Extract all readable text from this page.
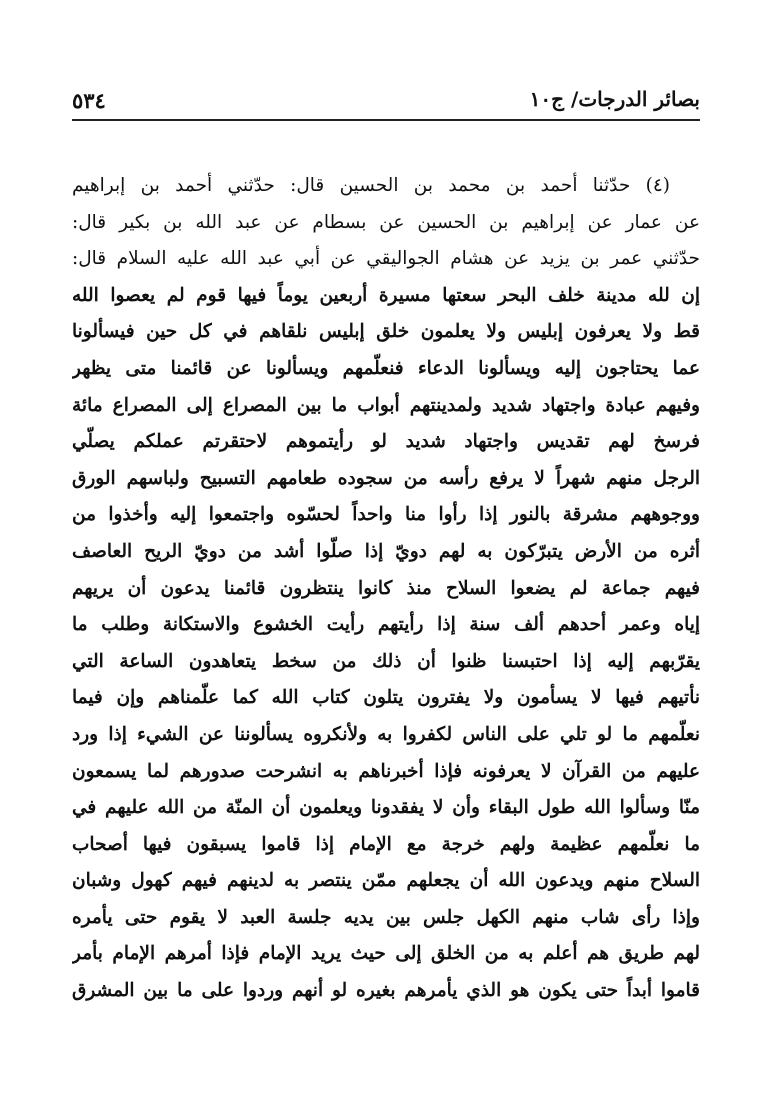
بصائر الدرجات/ ج١٠
٥٣٤
(٤) حدّثنا أحمد بن محمد بن الحسين قال: حدّثني أحمد بن إبراهيم
عن عمار عن إبراهيم بن الحسين عن بسطام عن عبد الله بن بكير قال:
حدّثني عمر بن يزيد عن هشام الجواليقي عن أبي عبد الله عليه السلام قال:
إن لله مدينة خلف البحر سعتها مسيرة أربعين يوماً فيها قوم لم يعصوا الله
قط ولا يعرفون إبليس ولا يعلمون خلق إبليس نلقاهم في كل حين فيسألونا
عما يحتاجون إليه ويسألونا الدعاء فنعلّمهم ويسألونا عن قائمنا متى يظهر
وفيهم عبادة واجتهاد شديد ولمدينتهم أبواب ما بين المصراع إلى المصراع مائة
فرسخ لهم تقديس واجتهاد شديد لو رأيتموهم لاحتقرتم عملكم يصلّي
الرجل منهم شهراً لا يرفع رأسه من سجوده طعامهم التسبيح ولباسهم الورق
ووجوههم مشرقة بالنور إذا رأوا منا واحداً لحسّوه واجتمعوا إليه وأخذوا من
أثره من الأرض يتبرّكون به لهم دويّ إذا صلّوا أشد من دويّ الريح العاصف
فيهم جماعة لم يضعوا السلاح منذ كانوا ينتظرون قائمنا يدعون أن يريهم
إياه وعمر أحدهم ألف سنة إذا رأيتهم رأيت الخشوع والاستكانة وطلب ما
يقرّبهم إليه إذا احتبسنا ظنوا أن ذلك من سخط يتعاهدون الساعة التي
نأتيهم فيها لا يسأمون ولا يفترون يتلون كتاب الله كما علّمناهم وإن فيما
نعلّمهم ما لو تلي على الناس لكفروا به ولأنكروه يسألوننا عن الشيء إذا ورد
عليهم من القرآن لا يعرفونه فإذا أخبرناهم به انشرحت صدورهم لما يسمعون
منّا وسألوا الله طول البقاء وأن لا يفقدونا ويعلمون أن المنّة من الله عليهم في
ما نعلّمهم عظيمة ولهم خرجة مع الإمام إذا قاموا يسبقون فيها أصحاب
السلاح منهم ويدعون الله أن يجعلهم ممّن ينتصر به لدينهم فيهم كهول وشبان
وإذا رأى شاب منهم الكهل جلس بين يديه جلسة العبد لا يقوم حتى يأمره
لهم طريق هم أعلم به من الخلق إلى حيث يريد الإمام فإذا أمرهم الإمام بأمر
قاموا أبداً حتى يكون هو الذي يأمرهم بغيره لو أنهم وردوا على ما بين المشرق
